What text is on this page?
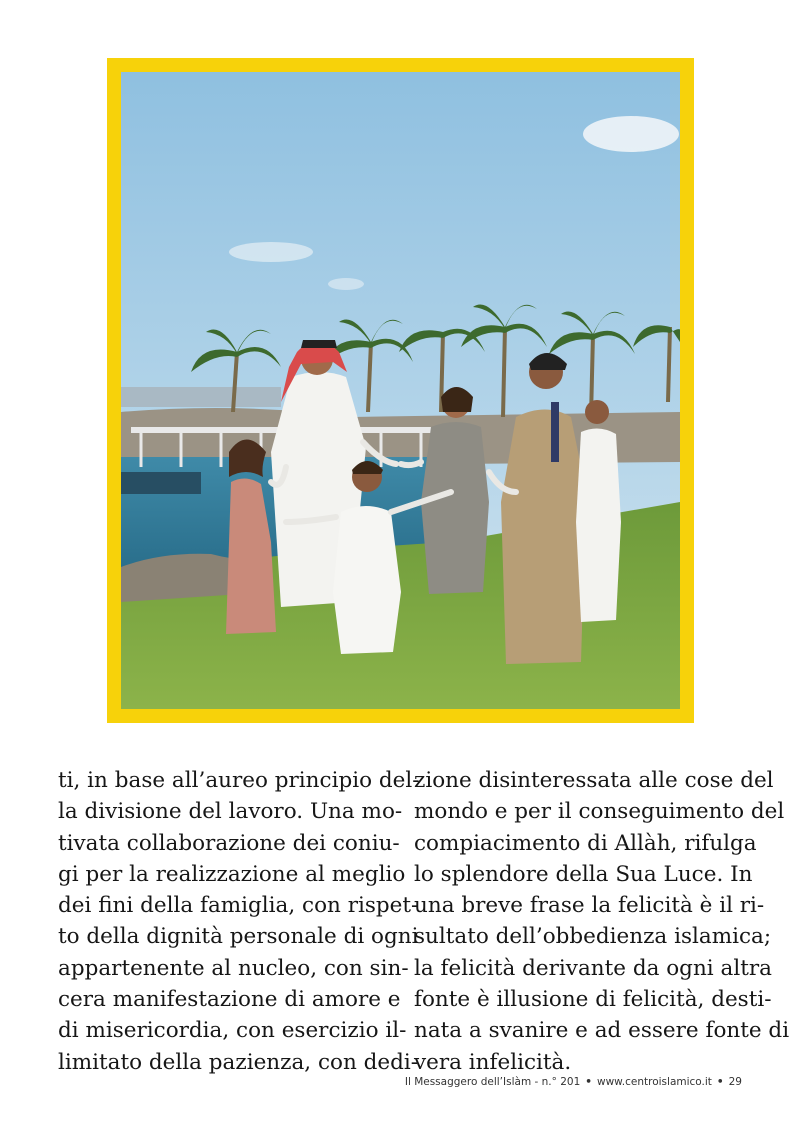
ti, in base all’aureo principio del-
la divisione del lavoro. Una mo-
tivata collaborazione dei coniu-
gi per la realizzazione al meglio
dei fini della famiglia, con rispet-
to della dignità personale di ogni
appartenente al nucleo, con sin-
cera manifestazione di amore e
di misericordia, con esercizio il-
limitato della pazienza, con dedi-
zione disinteressata alle cose del
mondo e per il conseguimento del
compiacimento di Allàh, rifulga
lo splendore della Sua Luce. In
una breve frase la felicità è il ri-
sultato dell’obbedienza islamica;
la felicità derivante da ogni altra
fonte è illusione di felicità, desti-
nata a svanire e ad essere fonte di
vera infelicità.
Il Messaggero dell’Islàm - n.° 201 • www.centroislamico.it • 29
